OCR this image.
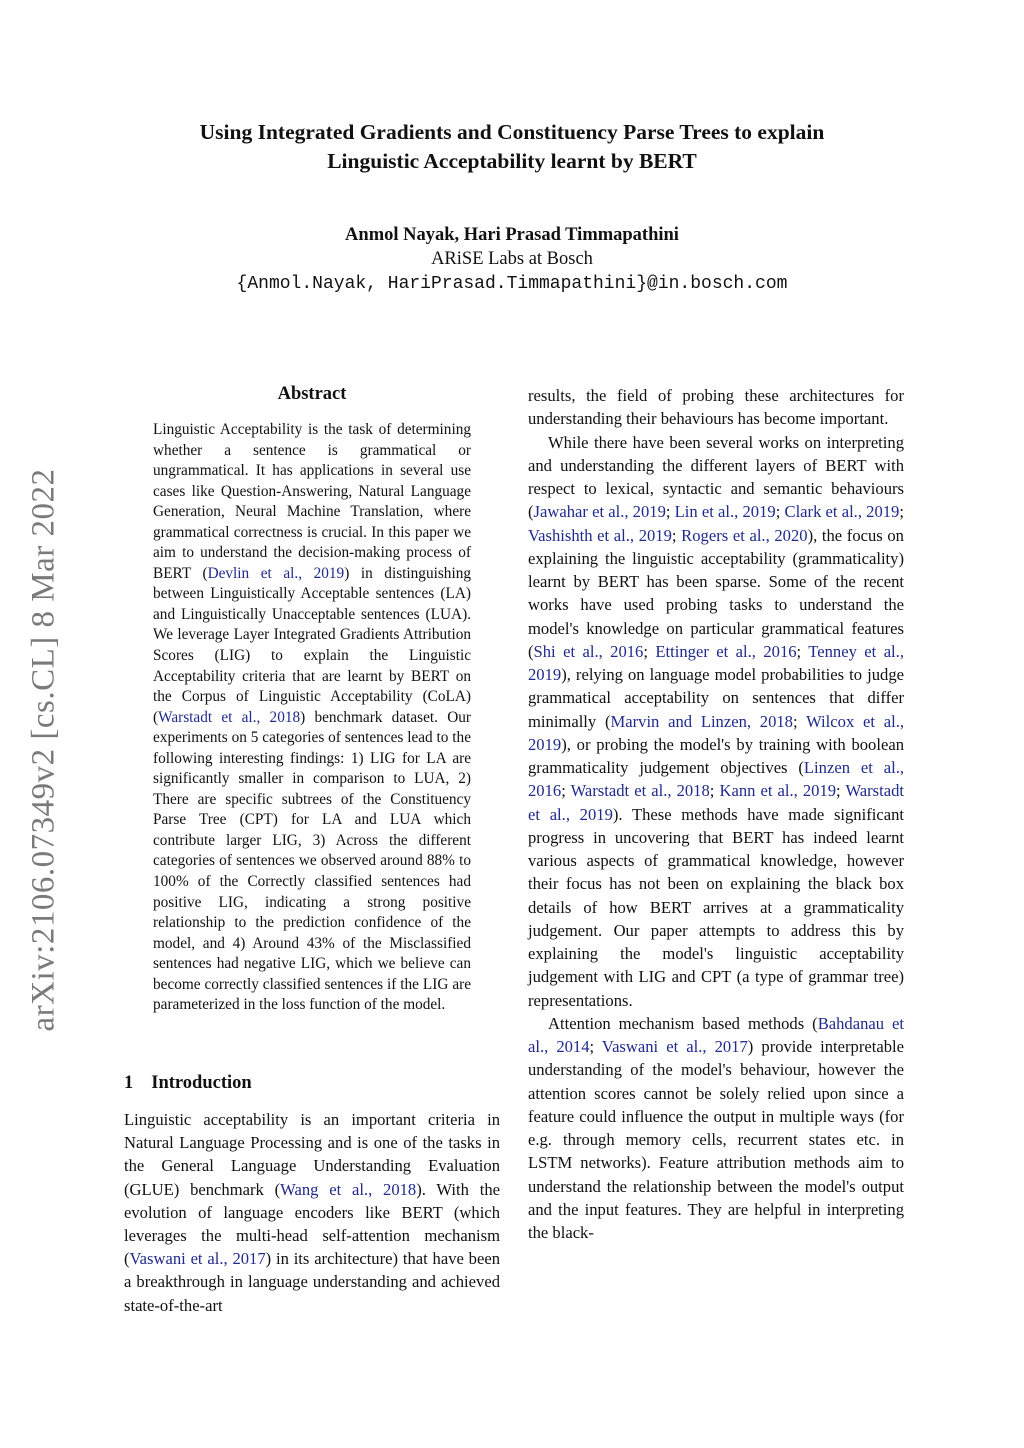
arXiv:2106.07349v2 [cs.CL] 8 Mar 2022
Using Integrated Gradients and Constituency Parse Trees to explain
Linguistic Acceptability learnt by BERT
Anmol Nayak, Hari Prasad Timmapathini
ARiSE Labs at Bosch
{Anmol.Nayak, HariPrasad.Timmapathini}@in.bosch.com
Abstract
Linguistic Acceptability is the task of determining whether a sentence is grammatical or ungrammatical. It has applications in several use cases like Question-Answering, Natural Language Generation, Neural Machine Translation, where grammatical correctness is crucial. In this paper we aim to understand the decision-making process of BERT (Devlin et al., 2019) in distinguishing between Linguistically Acceptable sentences (LA) and Linguistically Unacceptable sentences (LUA). We leverage Layer Integrated Gradients Attribution Scores (LIG) to explain the Linguistic Acceptability criteria that are learnt by BERT on the Corpus of Linguistic Acceptability (CoLA) (Warstadt et al., 2018) benchmark dataset. Our experiments on 5 categories of sentences lead to the following interesting findings: 1) LIG for LA are significantly smaller in comparison to LUA, 2) There are specific subtrees of the Constituency Parse Tree (CPT) for LA and LUA which contribute larger LIG, 3) Across the different categories of sentences we observed around 88% to 100% of the Correctly classified sentences had positive LIG, indicating a strong positive relationship to the prediction confidence of the model, and 4) Around 43% of the Misclassified sentences had negative LIG, which we believe can become correctly classified sentences if the LIG are parameterized in the loss function of the model.
1 Introduction
Linguistic acceptability is an important criteria in Natural Language Processing and is one of the tasks in the General Language Understanding Evaluation (GLUE) benchmark (Wang et al., 2018). With the evolution of language encoders like BERT (which leverages the multi-head self-attention mechanism (Vaswani et al., 2017) in its architecture) that have been a breakthrough in language understanding and achieved state-of-the-art

results, the field of probing these architectures for understanding their behaviours has become important.

While there have been several works on interpreting and understanding the different layers of BERT with respect to lexical, syntactic and semantic behaviours (Jawahar et al., 2019; Lin et al., 2019; Clark et al., 2019; Vashishth et al., 2019; Rogers et al., 2020), the focus on explaining the linguistic acceptability (grammaticality) learnt by BERT has been sparse. Some of the recent works have used probing tasks to understand the model's knowledge on particular grammatical features (Shi et al., 2016; Ettinger et al., 2016; Tenney et al., 2019), relying on language model probabilities to judge grammatical acceptability on sentences that differ minimally (Marvin and Linzen, 2018; Wilcox et al., 2019), or probing the model's by training with boolean grammaticality judgement objectives (Linzen et al., 2016; Warstadt et al., 2018; Kann et al., 2019; Warstadt et al., 2019). These methods have made significant progress in uncovering that BERT has indeed learnt various aspects of grammatical knowledge, however their focus has not been on explaining the black box details of how BERT arrives at a grammaticality judgement. Our paper attempts to address this by explaining the model's linguistic acceptability judgement with LIG and CPT (a type of grammar tree) representations.

Attention mechanism based methods (Bahdanau et al., 2014; Vaswani et al., 2017) provide interpretable understanding of the model's behaviour, however the attention scores cannot be solely relied upon since a feature could influence the output in multiple ways (for e.g. through memory cells, recurrent states etc. in LSTM networks). Feature attribution methods aim to understand the relationship between the model's output and the input features. They are helpful in interpreting the black-
